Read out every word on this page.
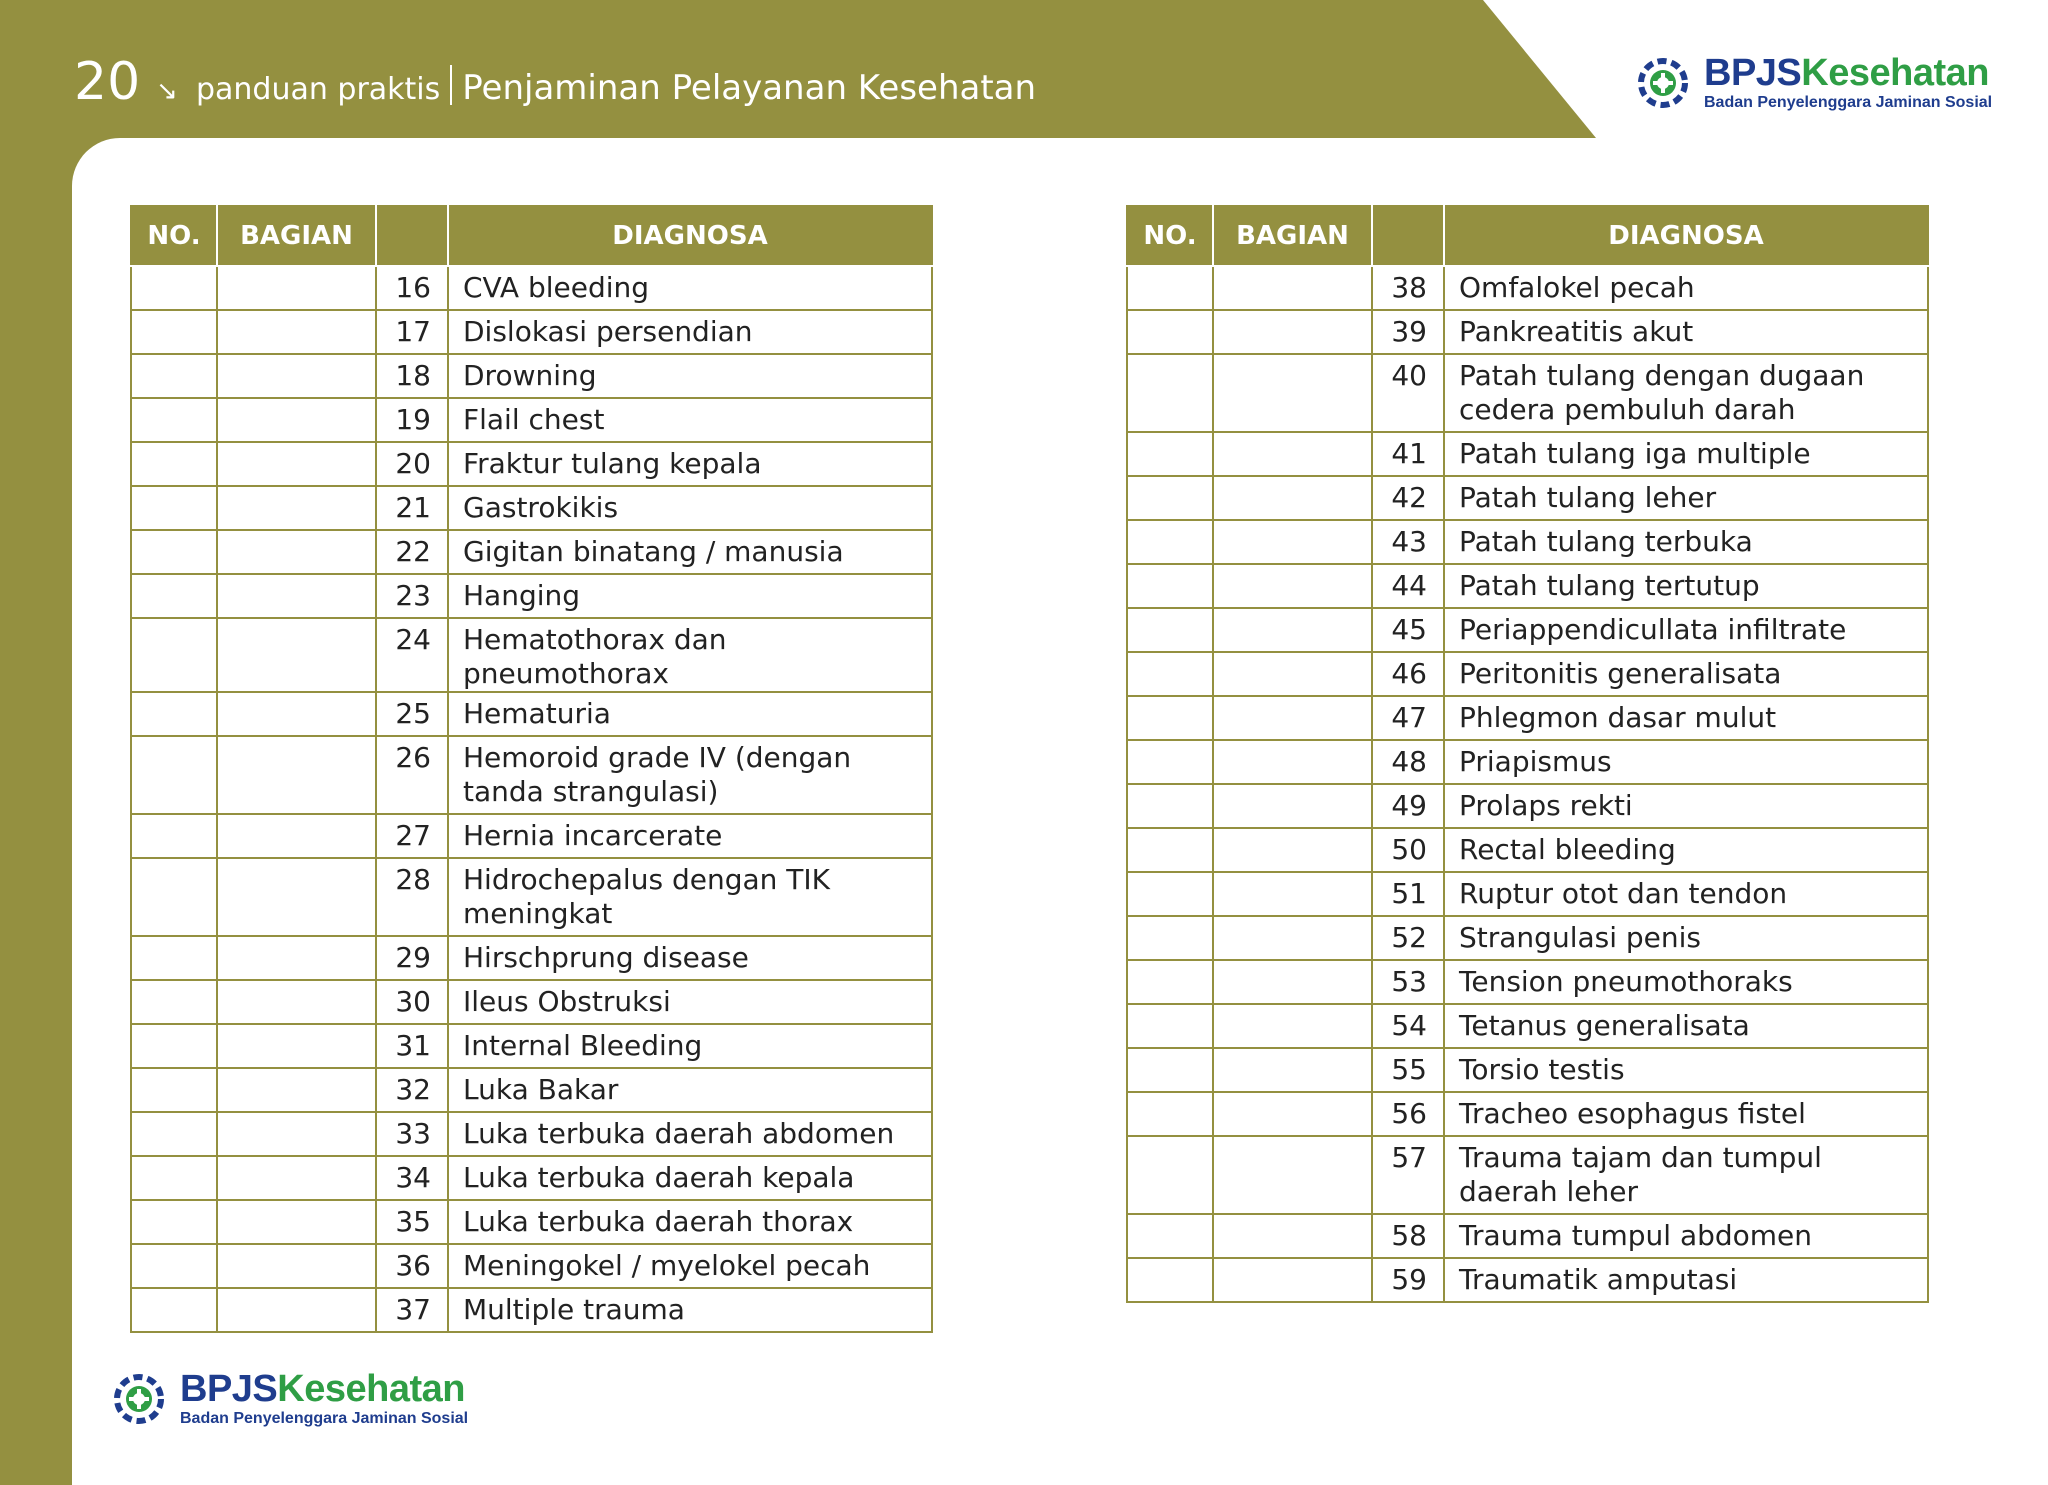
20 ↘ panduan praktis Penjaminan Pelayanan Kesehatan	BPJSKesehatan
Badan Penyelenggara Jaminan Sosial
BPJSKesehatan
Badan Penyelenggara Jaminan Sosial	panduan praktis Penjaminan Pelayanan Kesehatan ↘ 21
NO.	BAGIAN		DIAGNOSA
		16	CVA bleeding
		17	Dislokasi persendian
		18	Drowning
		19	Flail chest
		20	Fraktur tulang kepala
		21	Gastrokikis
		22	Gigitan binatang / manusia
		23	Hanging
		24	Hematothorax dan pneumothorax
		25	Hematuria
		26	Hemoroid grade IV (dengan tanda strangulasi)
		27	Hernia incarcerate
		28	Hidrochepalus dengan TIK meningkat
		29	Hirschprung disease
		30	Ileus Obstruksi
		31	Internal Bleeding
		32	Luka Bakar
		33	Luka terbuka daerah abdomen
		34	Luka terbuka daerah kepala
		35	Luka terbuka daerah thorax
		36	Meningokel / myelokel pecah
		37	Multiple trauma
NO.	BAGIAN		DIAGNOSA
		38	Omfalokel pecah
		39	Pankreatitis akut
		40	Patah tulang dengan dugaan cedera pembuluh darah
		41	Patah tulang iga multiple
		42	Patah tulang leher
		43	Patah tulang terbuka
		44	Patah tulang tertutup
		45	Periappendicullata infiltrate
		46	Peritonitis generalisata
		47	Phlegmon dasar mulut
		48	Priapismus
		49	Prolaps rekti
		50	Rectal bleeding
		51	Ruptur otot dan tendon
		52	Strangulasi penis
		53	Tension pneumothoraks
		54	Tetanus generalisata
		55	Torsio testis
		56	Tracheo esophagus fistel
		57	Trauma tajam dan tumpul daerah leher
		58	Trauma tumpul abdomen
		59	Traumatik amputasi
